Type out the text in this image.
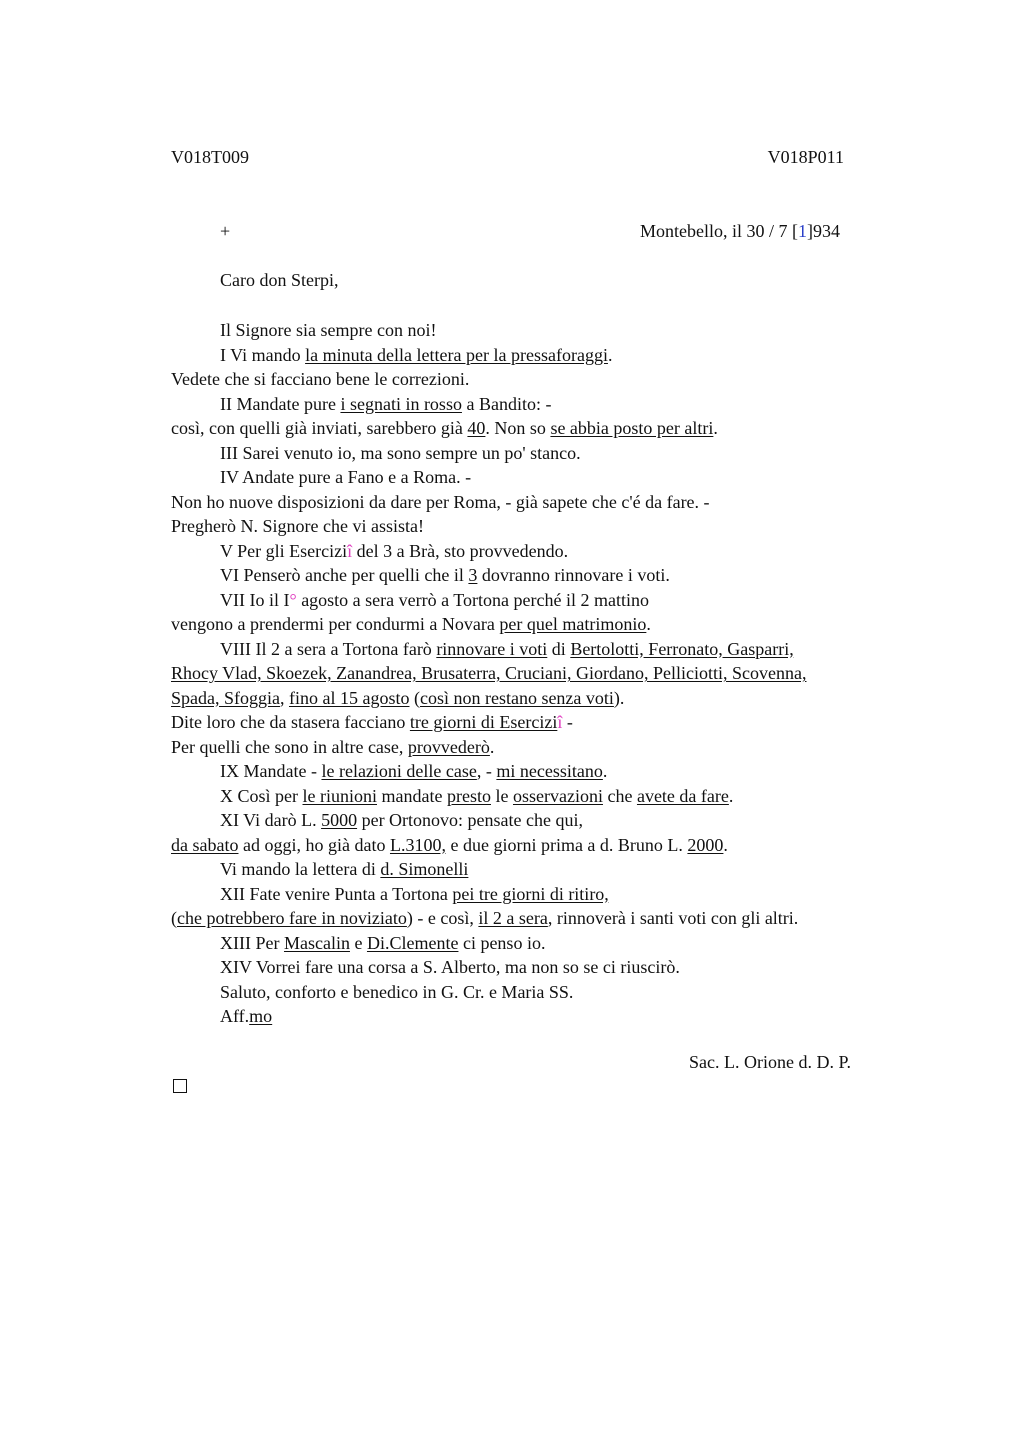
V018T009	V018P011
+	Montebello, il 30 / 7 [1]934
Caro don Sterpi,
Il Signore sia sempre con noi!
I Vi mando la minuta della lettera per la pressaforaggi.
Vedete che si facciano bene le correzioni.
II Mandate pure i segnati in rosso a Bandito: -
così, con quelli già inviati, sarebbero già 40. Non so se abbia posto per altri.
III Sarei venuto io, ma sono sempre un po' stanco.
IV Andate pure a Fano e a Roma. -
Non ho nuove disposizioni da dare per Roma, - già sapete che c'é da fare. -
Pregherò N. Signore che vi assista!
V Per gli Eserciziî del 3 a Brà, sto provvedendo.
VI Penserò anche per quelli che il 3 dovranno rinnovare i voti.
VII Io il I° agosto a sera verrò a Tortona perché il 2 mattino
vengono a prendermi per condurmi a Novara per quel matrimonio.
VIII Il 2 a sera a Tortona farò rinnovare i voti di Bertolotti, Ferronato, Gasparri,
Rhocy Vlad, Skoezek, Zanandrea, Brusaterra, Cruciani, Giordano, Pelliciotti, Scovenna,
Spada, Sfoggia, fino al 15 agosto (così non restano senza voti).
Dite loro che da stasera facciano tre giorni di Eserciziî -
Per quelli che sono in altre case, provvederò.
IX Mandate - le relazioni delle case, - mi necessitano.
X Così per le riunioni mandate presto le osservazioni che avete da fare.
XI Vi darò L. 5000 per Ortonovo: pensate che qui,
da sabato ad oggi, ho già dato L.3100, e due giorni prima a d. Bruno L. 2000.
Vi mando la lettera di d. Simonelli
XII Fate venire Punta a Tortona pei tre giorni di ritiro,
(che potrebbero fare in noviziato) - e così, il 2 a sera, rinnoverà i santi voti con gli altri.
XIII Per Mascalin e Di.Clemente ci penso io.
XIV Vorrei fare una corsa a S. Alberto, ma non so se ci riuscirò.
Saluto, conforto e benedico in G. Cr. e Maria SS.
Aff.mo
Sac. L. Orione d. D. P.
